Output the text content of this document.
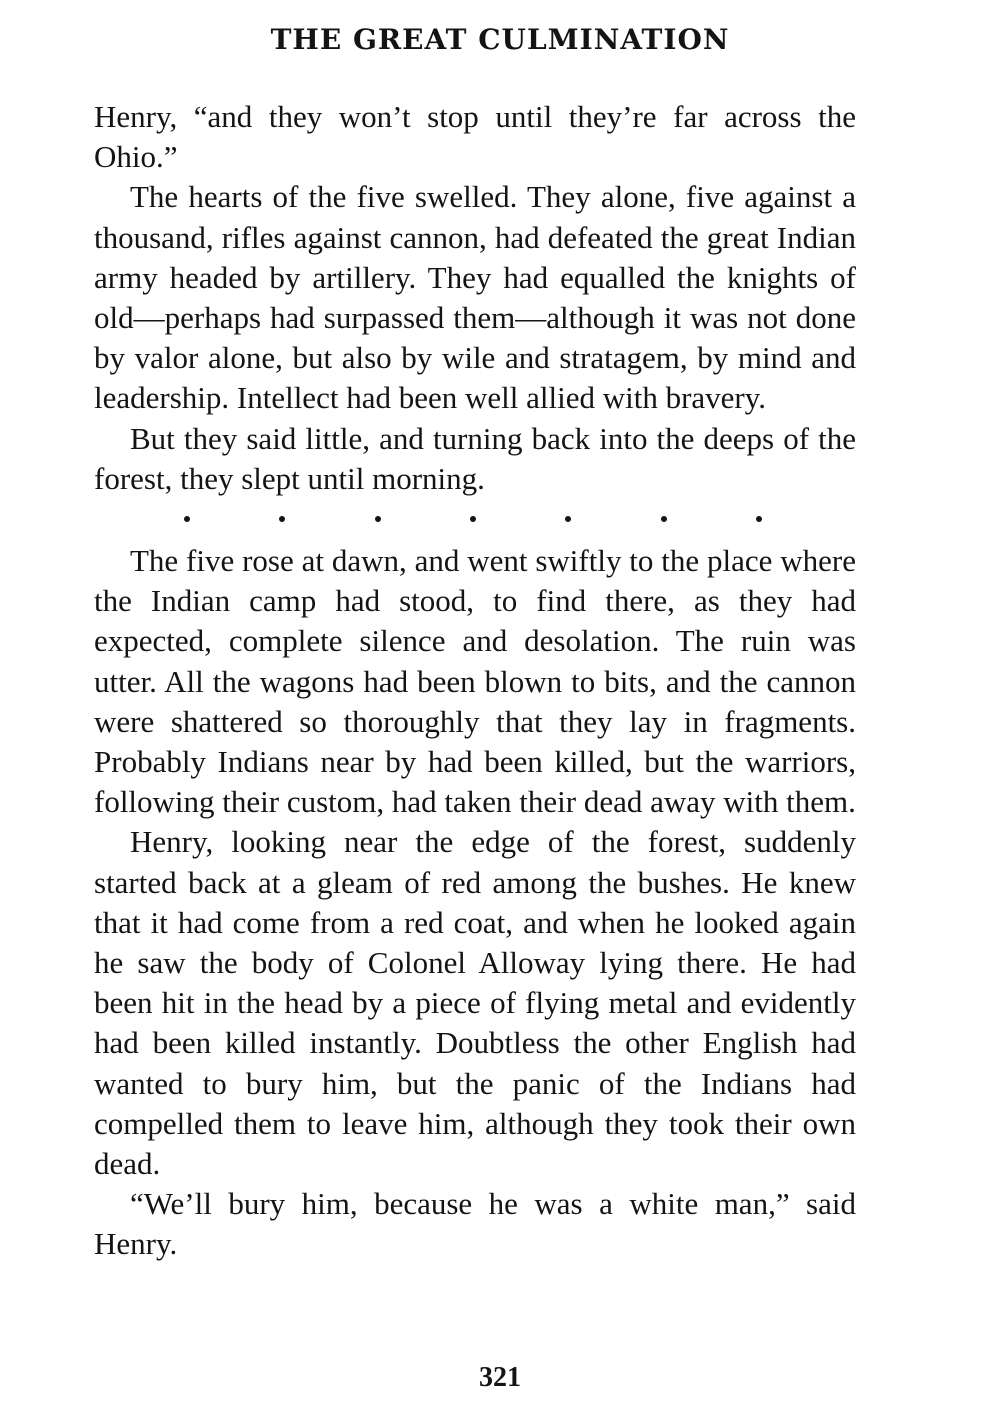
THE GREAT CULMINATION

Henry, “and they won’t stop until they’re far across the Ohio.”

The hearts of the five swelled. They alone, five against a thousand, rifles against cannon, had defeated the great Indian army headed by artillery. They had equalled the knights of old—perhaps had surpassed them—although it was not done by valor alone, but also by wile and stratagem, by mind and leadership. Intellect had been well allied with bravery.

But they said little, and turning back into the deeps of the forest, they slept until morning.

The five rose at dawn, and went swiftly to the place where the Indian camp had stood, to find there, as they had expected, complete silence and desolation. The ruin was utter. All the wagons had been blown to bits, and the cannon were shattered so thoroughly that they lay in fragments. Probably Indians near by had been killed, but the warriors, following their custom, had taken their dead away with them.

Henry, looking near the edge of the forest, suddenly started back at a gleam of red among the bushes. He knew that it had come from a red coat, and when he looked again he saw the body of Colonel Alloway lying there. He had been hit in the head by a piece of flying metal and evidently had been killed instantly. Doubtless the other English had wanted to bury him, but the panic of the Indians had compelled them to leave him, although they took their own dead.

“We’ll bury him, because he was a white man,” said Henry.

321
